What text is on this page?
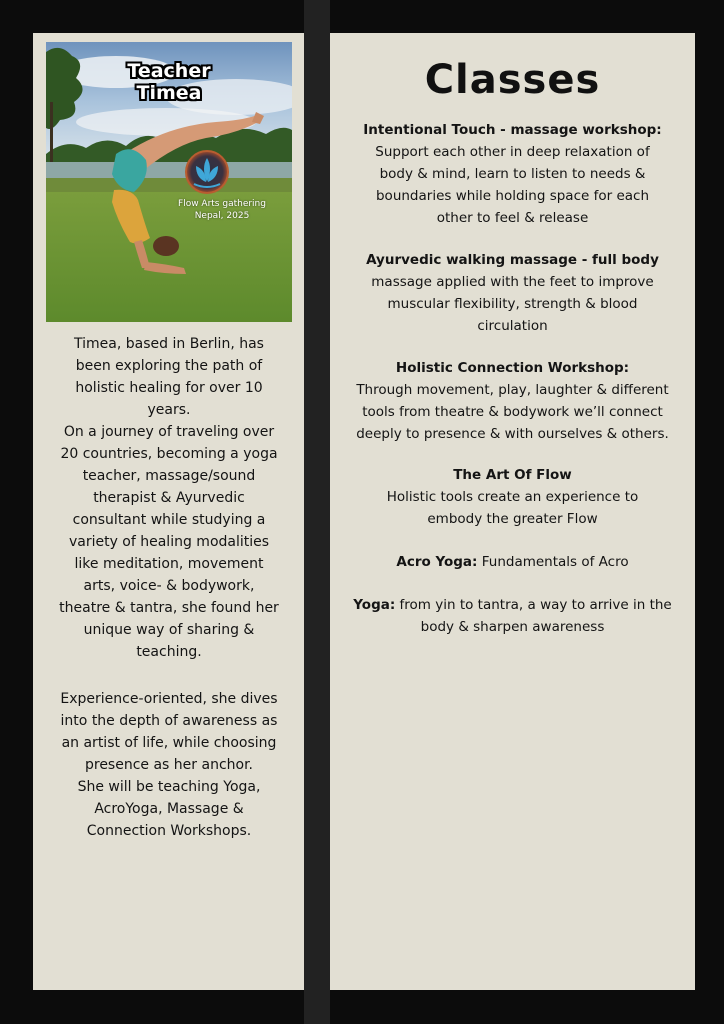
Teacher
Timea
Flow Arts gathering
Nepal, 2025
Timea, based in Berlin, has
been exploring the path of
holistic healing for over 10
years.
On a journey of traveling over
20 countries, becoming a yoga
teacher, massage/sound
therapist & Ayurvedic
consultant while studying a
variety of healing modalities
like meditation, movement
arts, voice- & bodywork,
theatre & tantra, she found her
unique way of sharing &
teaching.
Experience-oriented, she dives
into the depth of awareness as
an artist of life, while choosing
presence as her anchor.
She will be teaching Yoga,
AcroYoga, Massage &
Connection Workshops.
Classes
Intentional Touch - massage workshop:
Support each other in deep relaxation of
body & mind, learn to listen to needs &
boundaries while holding space for each
other to feel & release
Ayurvedic walking massage - full body
massage applied with the feet to improve
muscular flexibility, strength & blood
circulation
Holistic Connection Workshop:
Through movement, play, laughter & different
tools from theatre & bodywork we’ll connect
deeply to presence & with ourselves & others.
The Art Of Flow
Holistic tools create an experience to
embody the greater Flow
Acro Yoga: Fundamentals of Acro
Yoga: from yin to tantra, a way to arrive in the
body & sharpen awareness
